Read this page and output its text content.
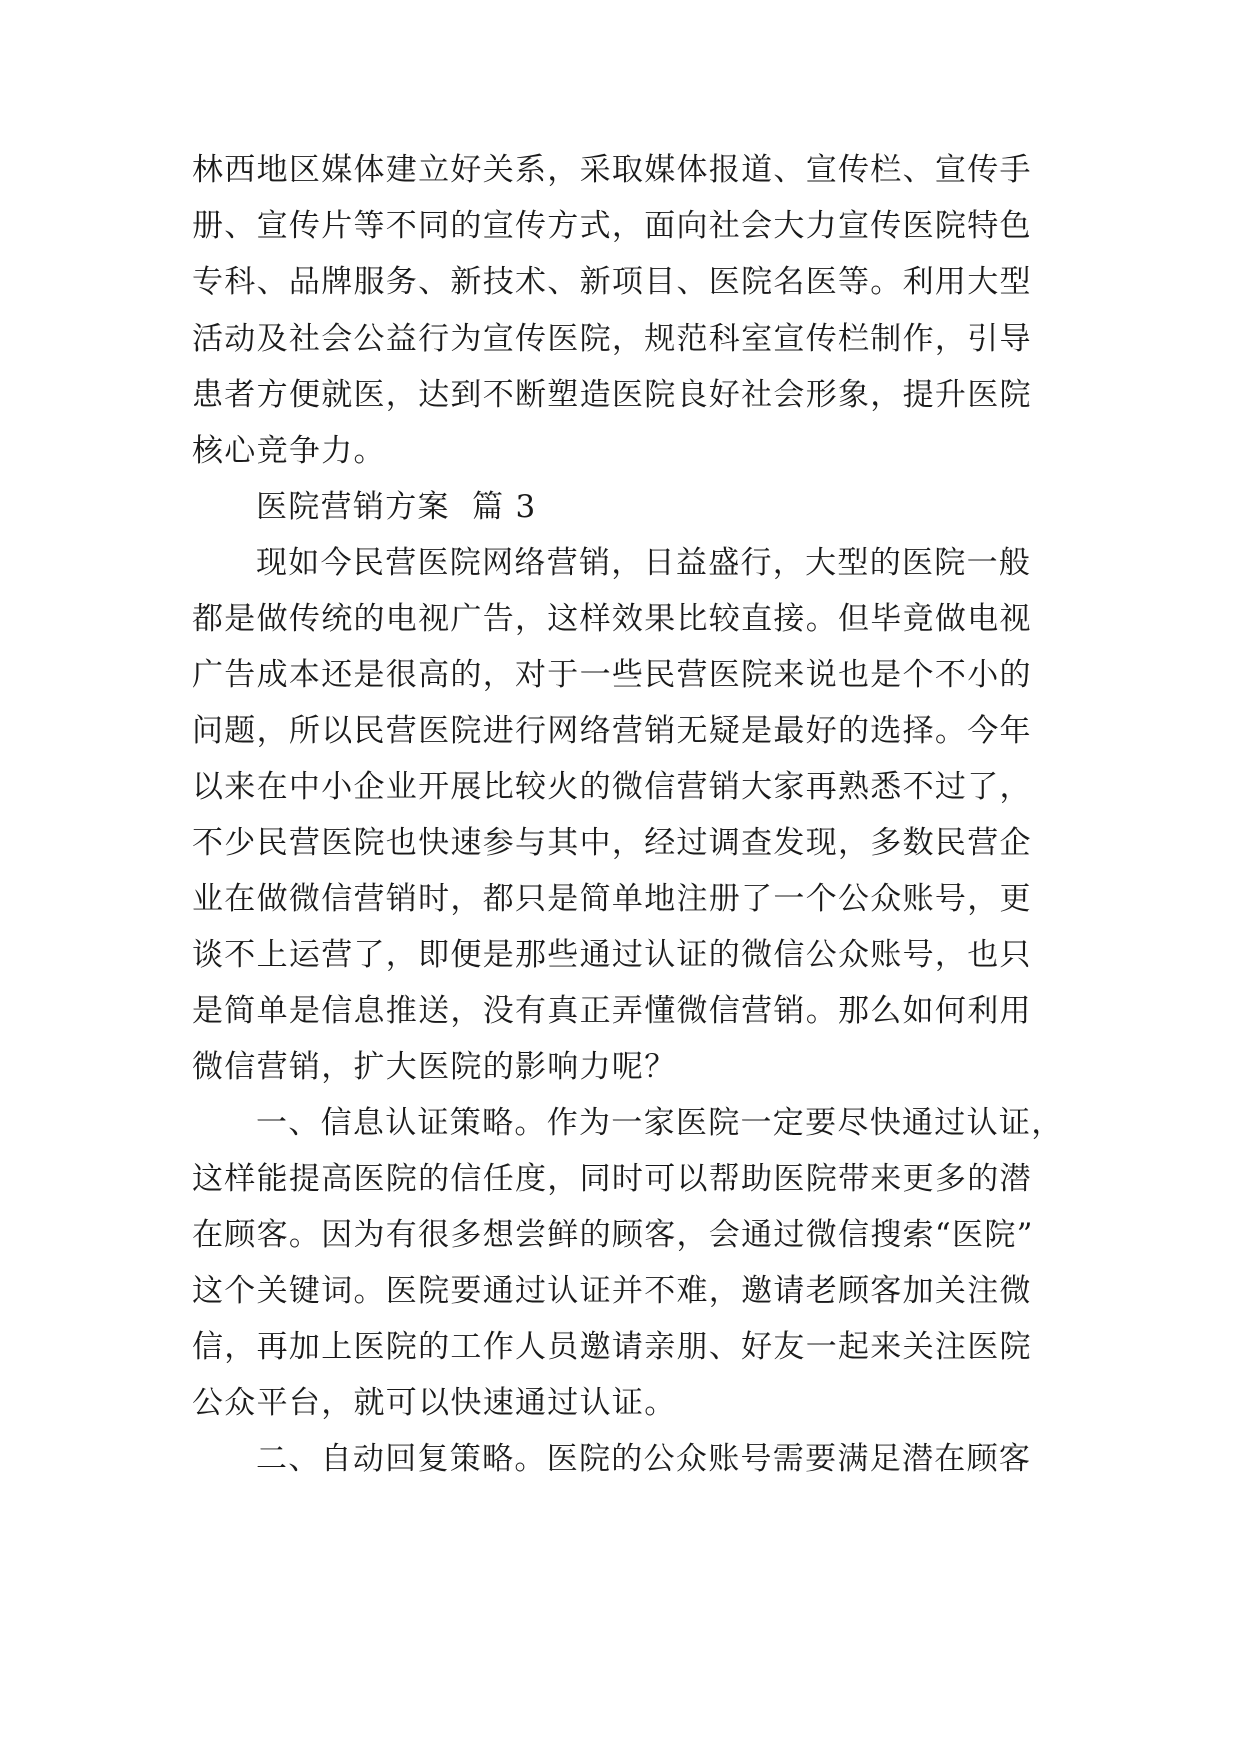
林西地区媒体建立好关系，采取媒体报道、宣传栏、宣传手
册、宣传片等不同的宣传方式，面向社会大力宣传医院特色
专科、品牌服务、新技术、新项目、医院名医等。利用大型
活动及社会公益行为宣传医院，规范科室宣传栏制作，引导
患者方便就医，达到不断塑造医院良好社会形象，提升医院
核心竞争力。
医院营销方案  篇 3
现如今民营医院网络营销，日益盛行，大型的医院一般
都是做传统的电视广告，这样效果比较直接。但毕竟做电视
广告成本还是很高的，对于一些民营医院来说也是个不小的
问题，所以民营医院进行网络营销无疑是最好的选择。今年
以来在中小企业开展比较火的微信营销大家再熟悉不过了，
不少民营医院也快速参与其中，经过调查发现，多数民营企
业在做微信营销时，都只是简单地注册了一个公众账号，更
谈不上运营了，即便是那些通过认证的微信公众账号，也只
是简单是信息推送，没有真正弄懂微信营销。那么如何利用
微信营销，扩大医院的影响力呢？
一、信息认证策略。作为一家医院一定要尽快通过认证，
这样能提高医院的信任度，同时可以帮助医院带来更多的潜
在顾客。因为有很多想尝鲜的顾客，会通过微信搜索“医院”
这个关键词。医院要通过认证并不难，邀请老顾客加关注微
信，再加上医院的工作人员邀请亲朋、好友一起来关注医院
公众平台，就可以快速通过认证。
二、自动回复策略。医院的公众账号需要满足潜在顾客
